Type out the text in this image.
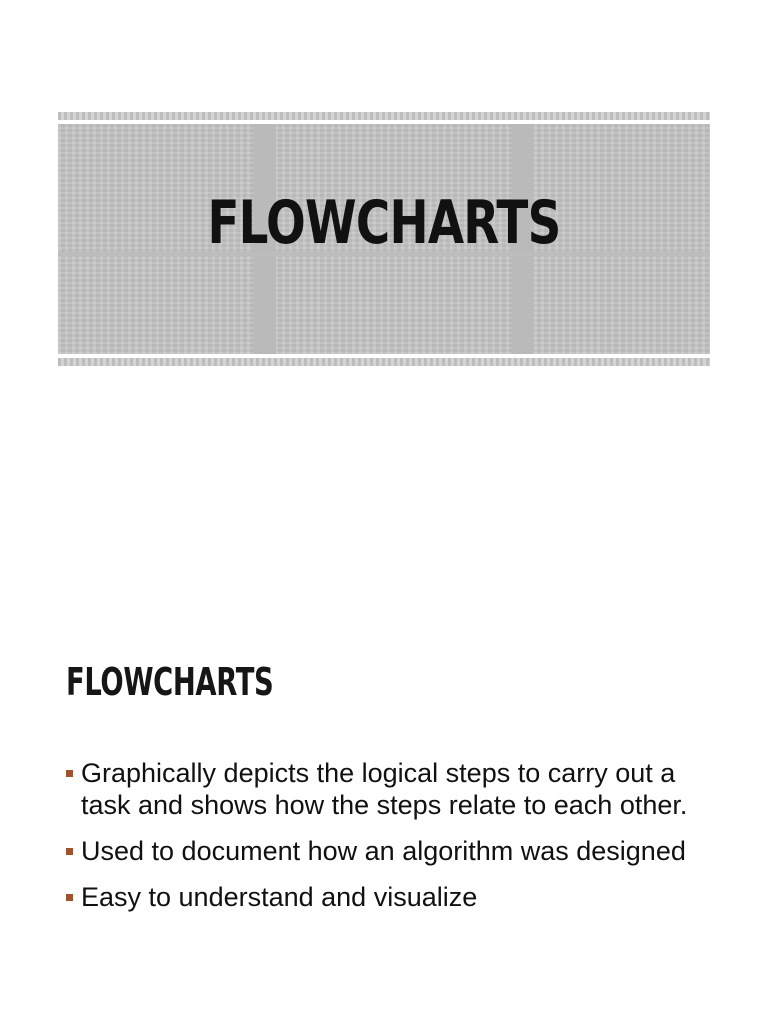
FLOWCHARTS
FLOWCHARTS
Graphically depicts the logical steps to carry out a task and shows how the steps relate to each other.
Used to document how an algorithm was designed
Easy to understand and visualize
